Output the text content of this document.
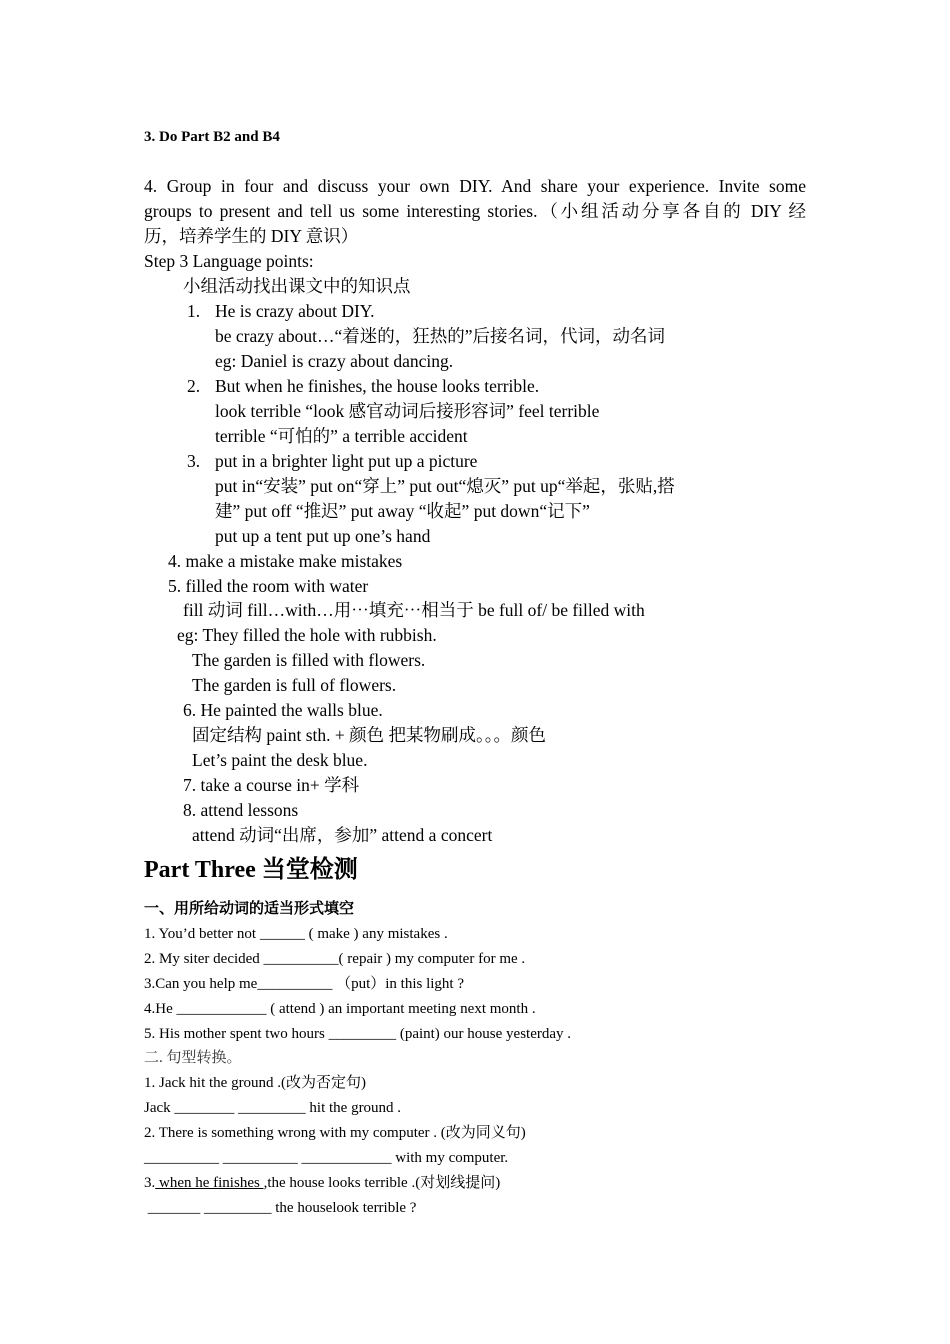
3. Do Part B2 and B4
4. Group in four and discuss your own DIY. And share your experience. Invite some
groups to present and tell us some interesting stories.（小组活动分享各自的 DIY 经
历，培养学生的 DIY 意识）
Step 3 Language points:
小组活动找出课文中的知识点
1. He is crazy about DIY.
be crazy about…“着迷的，狂热的”后接名词，代词，动名词
eg: Daniel is crazy about dancing.
2. But when he finishes, the house looks terrible.
look terrible “look 感官动词后接形容词” feel terrible
terrible “可怕的” a terrible accident
3. put in a brighter light put up a picture
put in“安装” put on“穿上” put out“熄灭” put up“举起，张贴,搭
建” put off “推迟” put away “收起” put down“记下”
put up a tent put up one’s hand
4. make a mistake make mistakes
5. filled the room with water
fill 动词 fill…with…用⋯填充⋯相当于 be full of/ be filled with
eg: They filled the hole with rubbish.
The garden is filled with flowers.
The garden is full of flowers.
6. He painted the walls blue.
固定结构 paint sth. + 颜色 把某物刷成。。。颜色
Let’s paint the desk blue.
7. take a course in+ 学科
8. attend lessons
attend 动词“出席，参加” attend a concert
Part Three 当堂检测
一、用所给动词的适当形式填空
1. You’d better not ______ ( make ) any mistakes .
2. My siter decided __________( repair ) my computer for me .
3.Can you help me__________ （put）in this light ?
4.He ____________ ( attend ) an important meeting next month .
5. His mother spent two hours _________ (paint) our house yesterday .
二. 句型转换。
1. Jack hit the ground .(改为否定句)
Jack ________ _________ hit the ground .
2. There is something wrong with my computer . (改为同义句)
__________ __________ ____________ with my computer.
3. when he finishes ,the house looks terrible .(对划线提问)
_______ _________ the houselook terrible ?
